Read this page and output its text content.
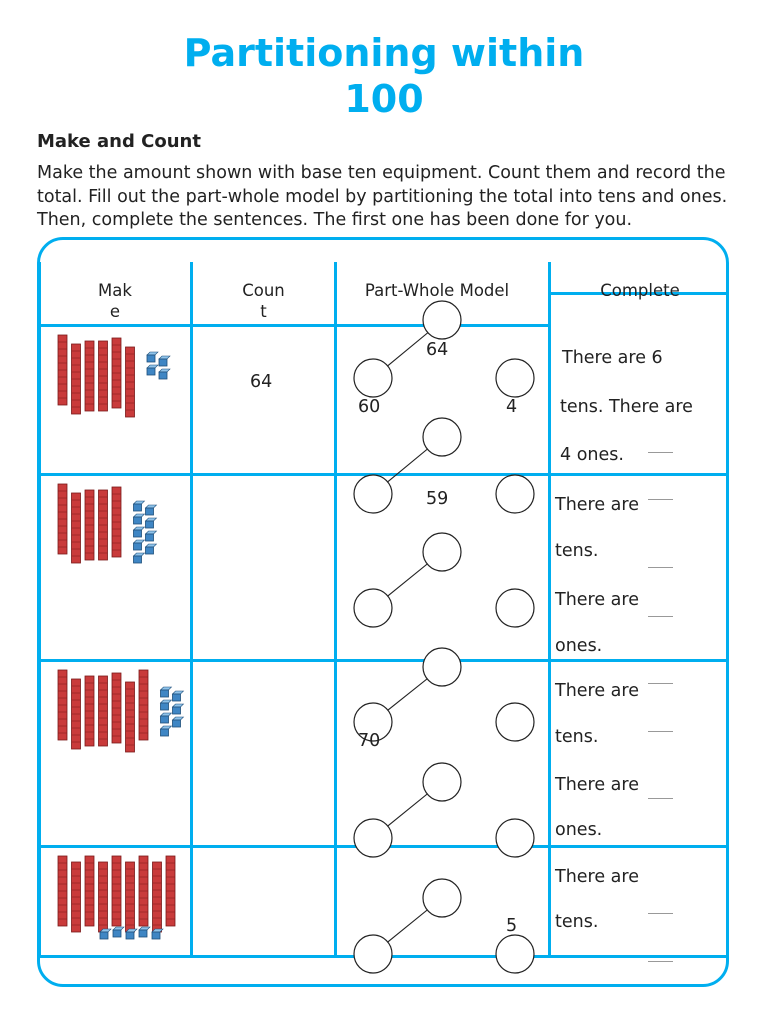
Partitioning within
100
Make and Count
Make the amount shown with base ten equipment. Count them and record the total. Fill out the part-whole model by partitioning the total into tens and ones. Then, complete the sentences. The first one has been done for you.
Mak
e
Coun
t
Part-Whole Model	Complete
64
64
60	4
59
70
5
There are 6
tens. There are
4 ones.
There are
tens.
There are
ones.
There are
tens.
There are
ones.
There are
tens.
